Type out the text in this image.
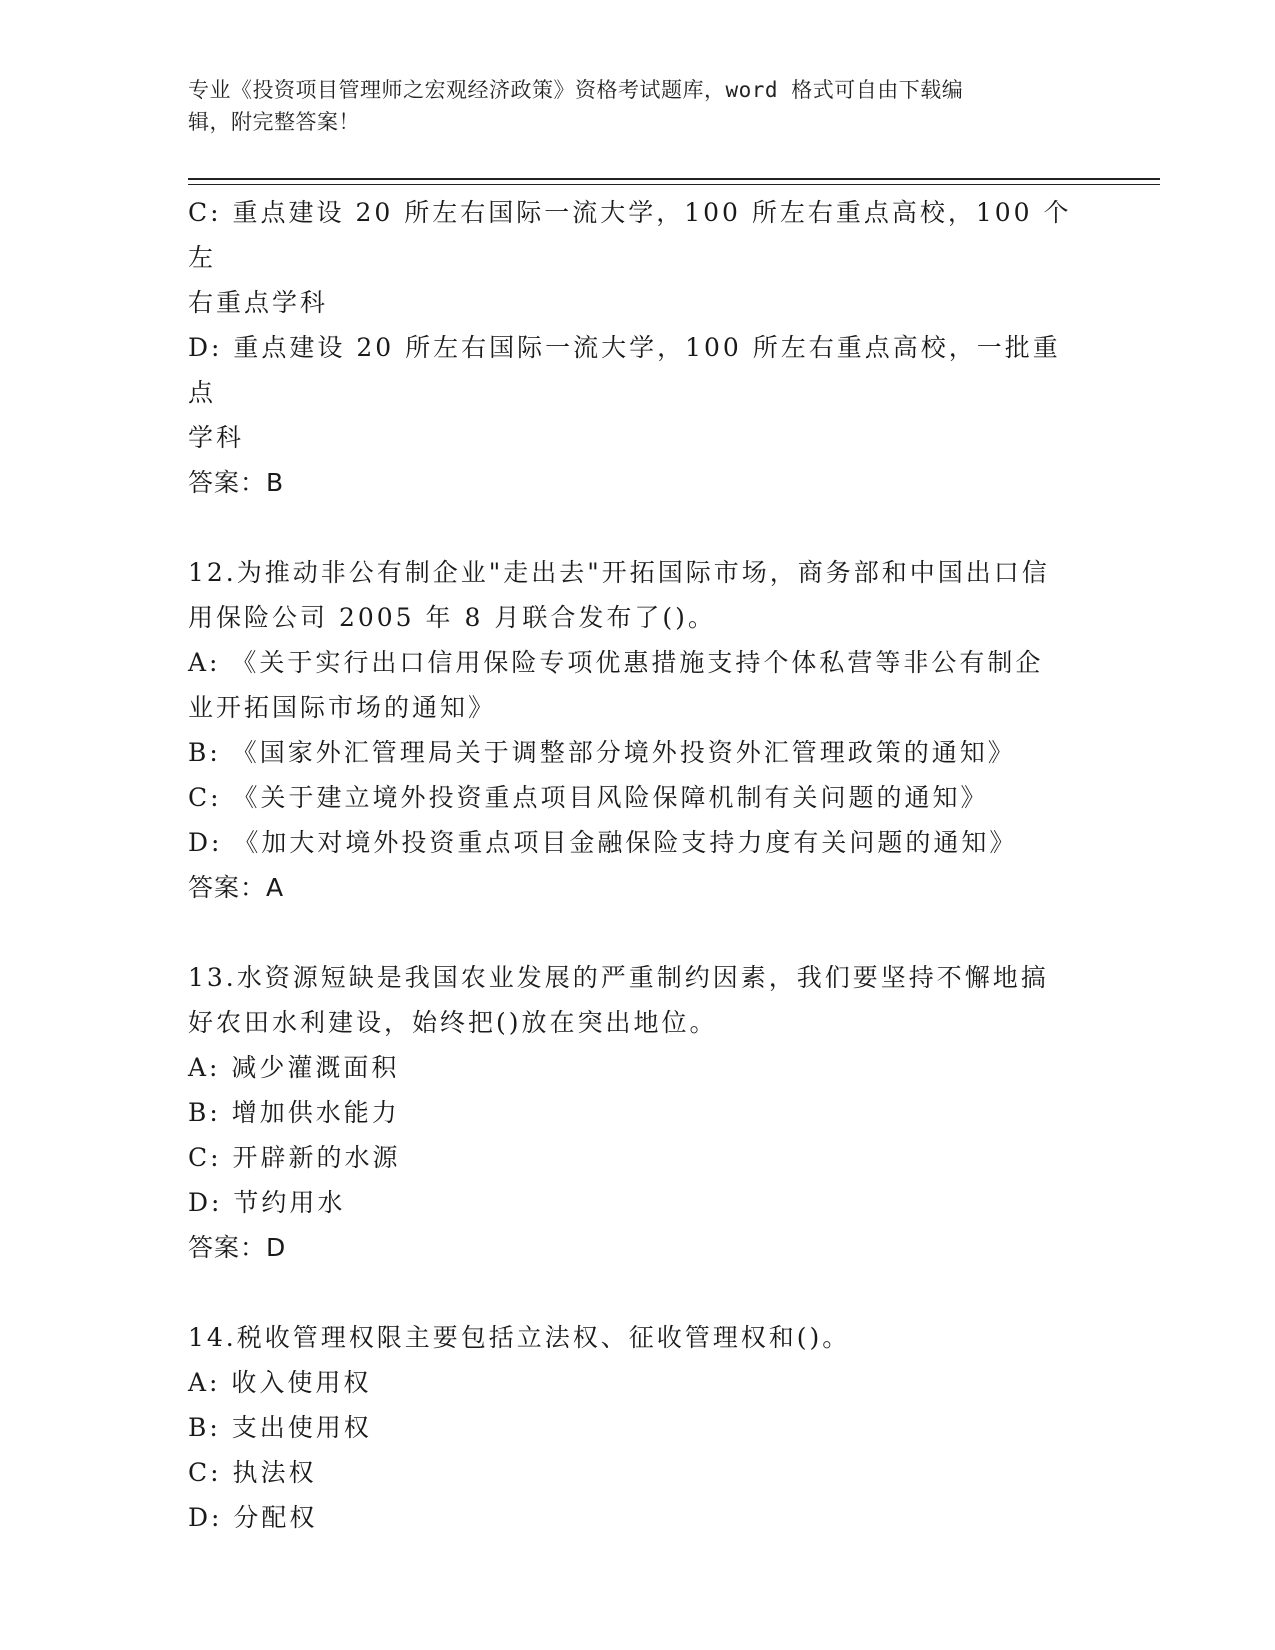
专业《投资项目管理师之宏观经济政策》资格考试题库，word 格式可自由下载编
辑，附完整答案！

C: 重点建设 20 所左右国际一流大学，100 所左右重点高校，100 个左

右重点学科

D: 重点建设 20 所左右国际一流大学，100 所左右重点高校，一批重点

学科

答案：B

12.为推动非公有制企业"走出去"开拓国际市场，商务部和中国出口信

用保险公司 2005 年 8 月联合发布了()。

A: 《关于实行出口信用保险专项优惠措施支持个体私营等非公有制企

业开拓国际市场的通知》

B: 《国家外汇管理局关于调整部分境外投资外汇管理政策的通知》

C: 《关于建立境外投资重点项目风险保障机制有关问题的通知》

D: 《加大对境外投资重点项目金融保险支持力度有关问题的通知》

答案：A

13.水资源短缺是我国农业发展的严重制约因素，我们要坚持不懈地搞

好农田水利建设，始终把()放在突出地位。

A: 减少灌溉面积

B: 增加供水能力

C: 开辟新的水源

D: 节约用水

答案：D

14.税收管理权限主要包括立法权、征收管理权和()。

A: 收入使用权

B: 支出使用权

C: 执法权

D: 分配权
